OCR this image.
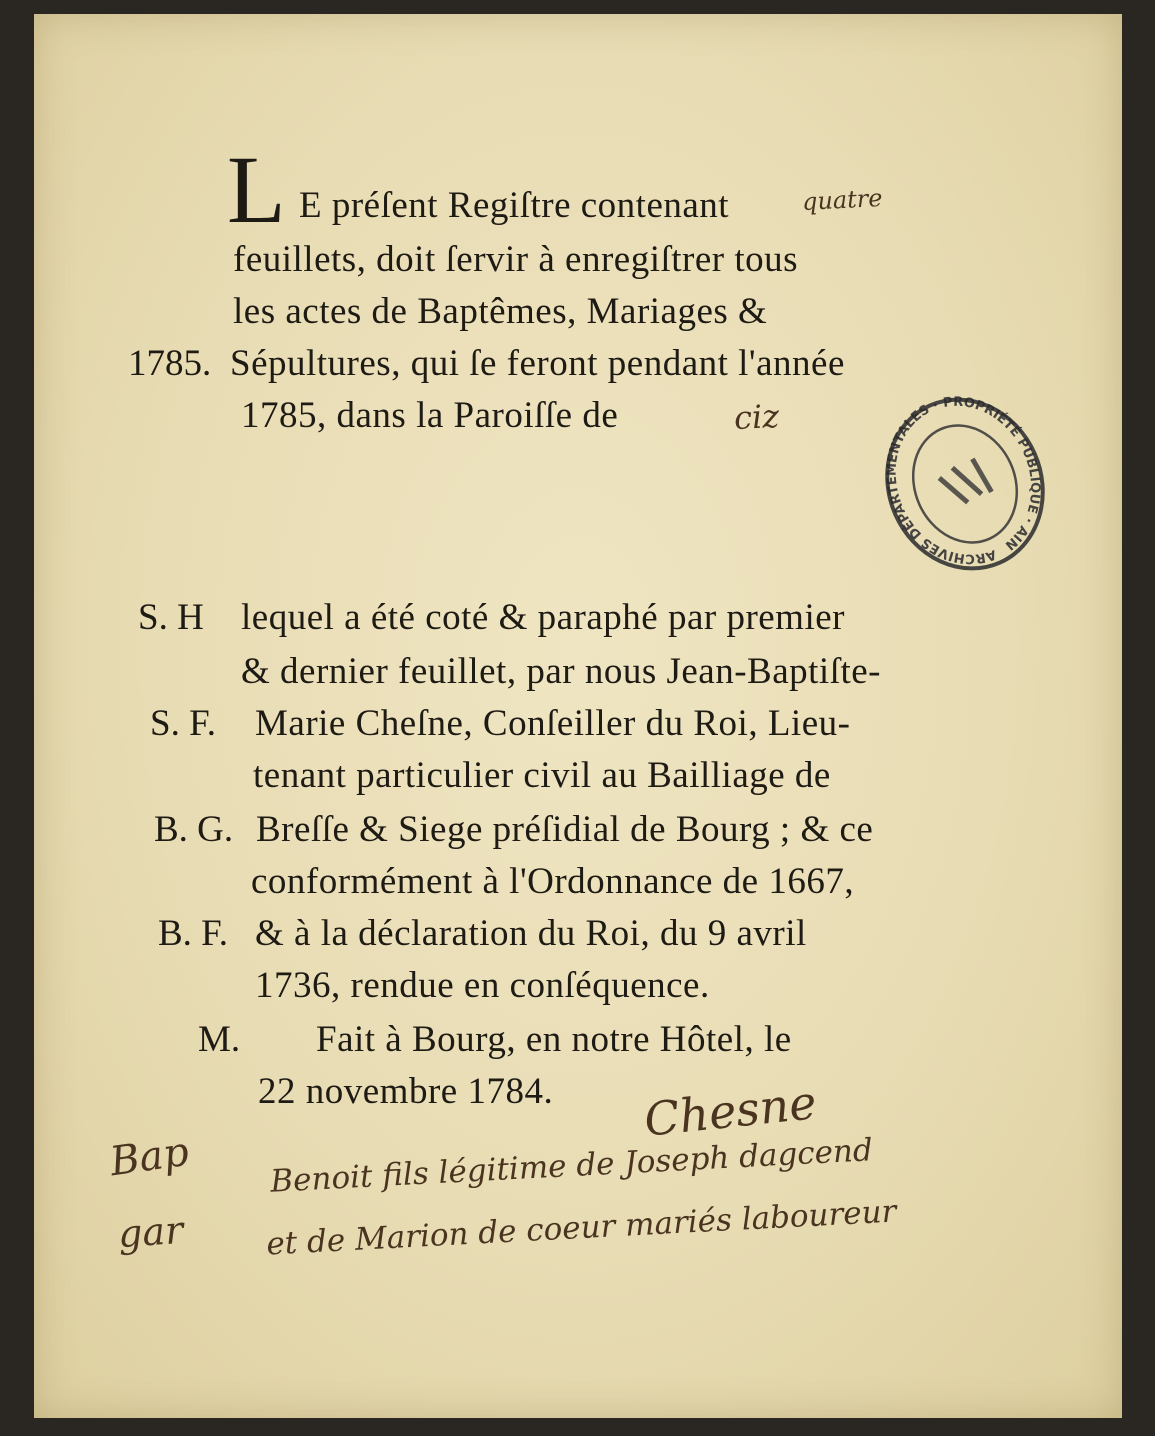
L E préſent Regiſtre contenant
feuillets, doit ſervir à enregiſtrer tous
les actes de Baptêmes, Mariages &
1785. Sépultures, qui ſe feront pendant l'année
1785, dans la Paroiſſe de
S. H lequel a été coté & paraphé par premier
& dernier feuillet, par nous Jean-Baptiſte-
S. F. Marie Cheſne, Conſeiller du Roi, Lieu-
tenant particulier civil au Bailliage de
B. G. Breſſe & Siege préſidial de Bourg ; & ce
conformément à l'Ordonnance de 1667,
B. F. & à la déclaration du Roi, du 9 avril
1736, rendue en conſéquence.
M. Fait à Bourg, en notre Hôtel, le
22 novembre 1784.
quatre
ciz
Chesne
Bap
gar
Benoit fils légitime de Joseph dagcend
et de Marion de coeur mariés laboureur
ARCHIVES DÉPARTEMENTALES · PROPRIÉTÉ PUBLIQUE · AIN
